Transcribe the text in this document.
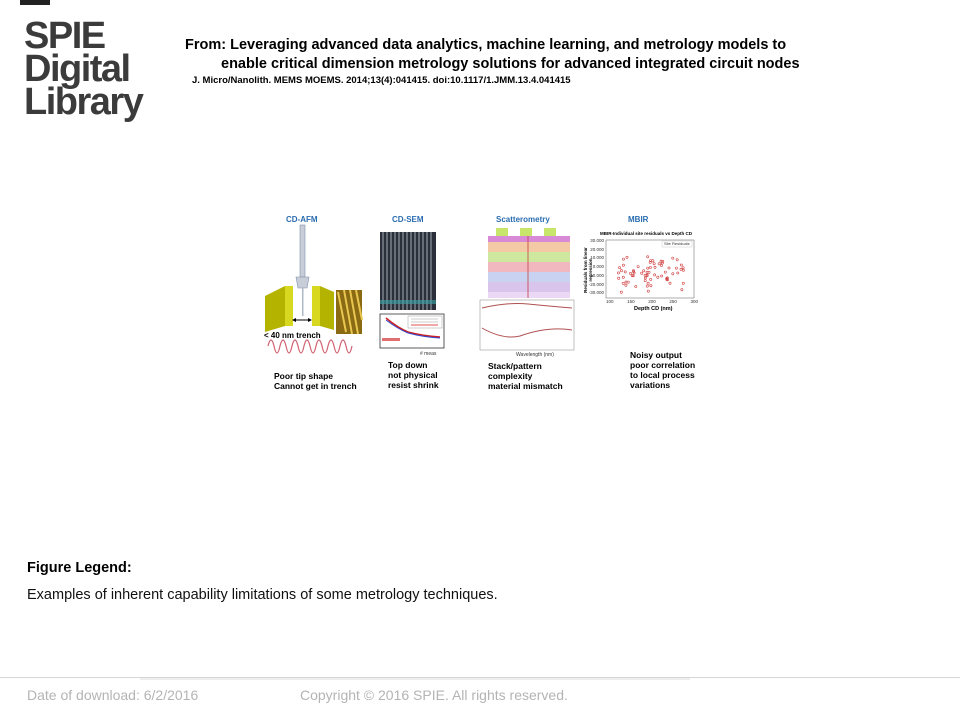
SPIE
Digital
Library
From: Leveraging advanced data analytics, machine learning, and metrology models to
enable critical dimension metrology solutions for advanced integrated circuit nodes
J. Micro/Nanolith. MEMS MOEMS. 2014;13(4):041415. doi:10.1117/1.JMM.13.4.041415
CD-AFM	CD-SEM	Scatterometry	MBIR
< 40 nm trench
Poor tip shape
Cannot get in trench
# meas
Top down
not physical
resist shrink
Wavelength (nm)
Stack/pattern
complexity
material mismatch
MBIR-Individual site residuals vs Depth CD
Site Residuals
Residuals from linear regression
30.000
20.000
10.000
0.000
-10.000
-20.000
-30.000
100	150	200	250	300
Depth CD (nm)
Noisy output
poor correlation
to local process
variations
Figure Legend:
Examples of inherent capability limitations of some metrology techniques.
Date of download: 6/2/2016	Copyright © 2016 SPIE. All rights reserved.
